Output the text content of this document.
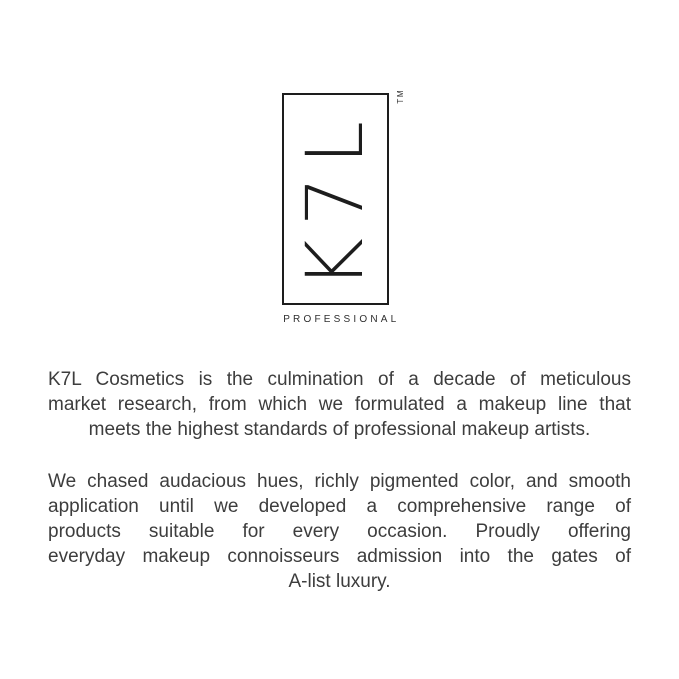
K7L
TM
PROFESSIONAL
K7L Cosmetics is the culmination of a decade of meticulous
market research, from which we formulated a makeup line that
meets the highest standards of professional makeup artists.
We chased audacious hues, richly pigmented color, and smooth
application until we developed a comprehensive range of
products suitable for every occasion. Proudly offering
everyday makeup connoisseurs admission into the gates of
A-list luxury.
